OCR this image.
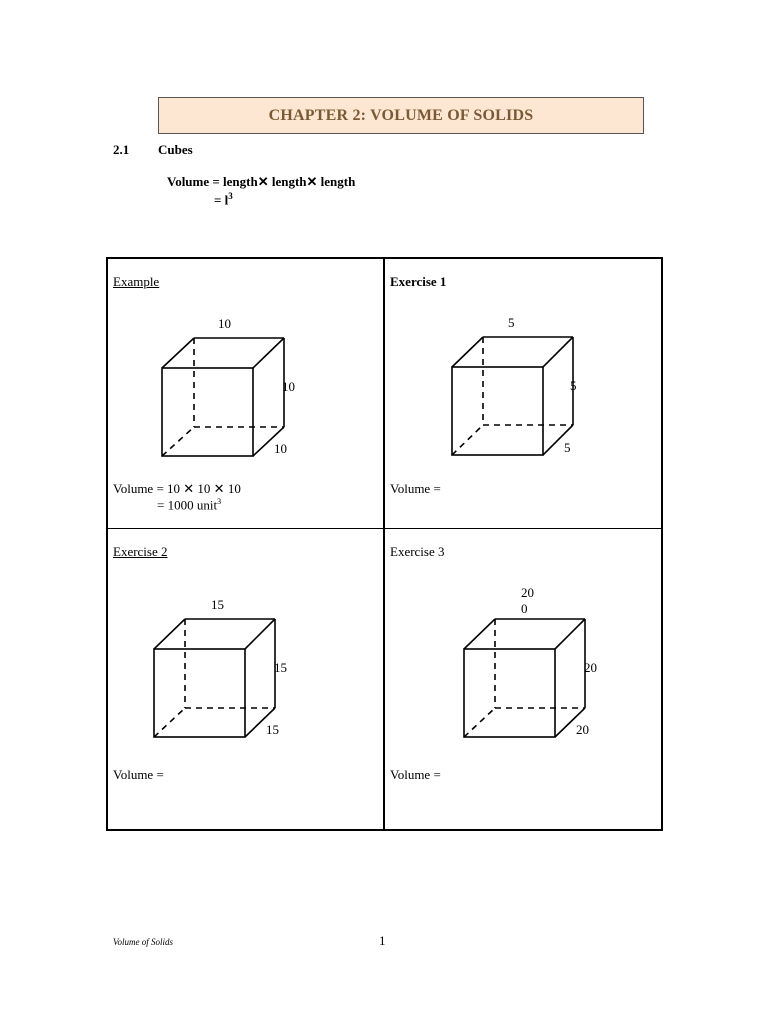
CHAPTER 2: VOLUME OF SOLIDS
2.1 Cubes
Volume = length✕ length✕ length
= $l^3$
Example
10
10
10
Volume = 10 ✕ 10 ✕ 10
= 1000 unit$^3$
Exercise 1
5
5
5
Volume =
Exercise 2
15
15
15
Volume =
Exercise 3
20
0
20
20
Volume =
Volume of Solids	1
